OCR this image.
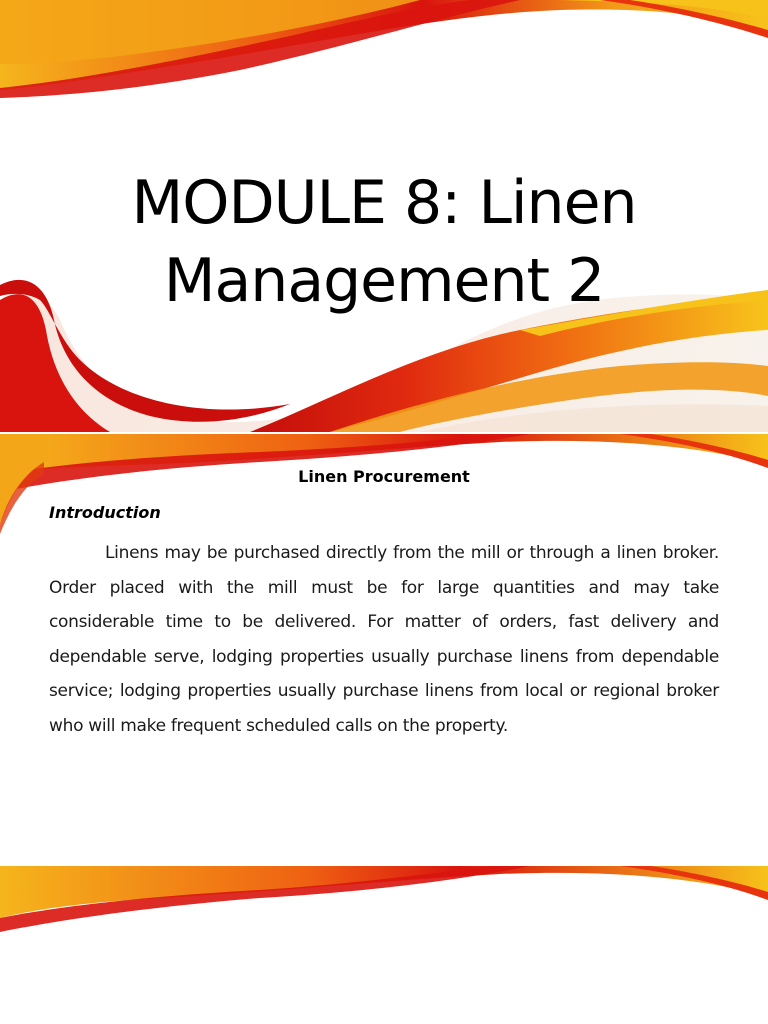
MODULE 8: Linen
Management 2
Linen Procurement
Introduction

Linens may be purchased directly from the mill or through a linen broker. Order placed with the mill must be for large quantities and may take considerable time to be delivered. For matter of orders, fast delivery and dependable serve, lodging properties usually purchase linens from dependable service; lodging properties usually purchase linens from local or regional broker who will make frequent scheduled calls on the property.
